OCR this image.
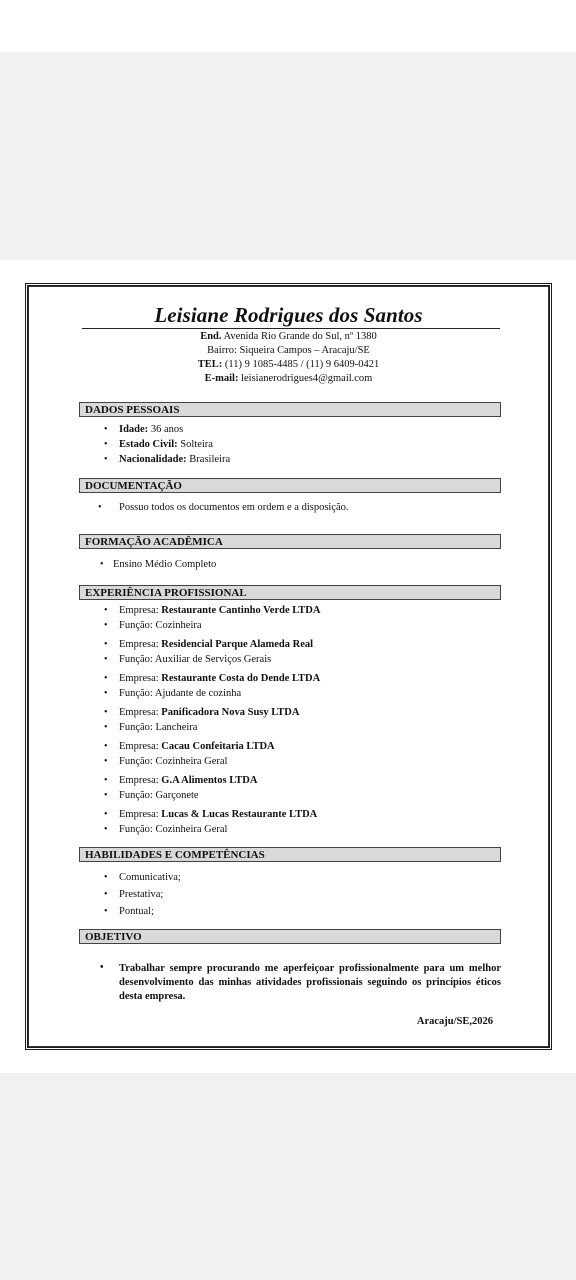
Leisiane Rodrigues dos Santos
End. Avenida Rio Grande do Sul, nº 1380
Bairro: Siqueira Campos – Aracaju/SE
TEL: (11) 9 1085-4485 / (11) 9 6409-0421
E-mail: leisianerodrigues4@gmail.com
DADOS PESSOAIS
• Idade: 36 anos
• Estado Civil: Solteira
• Nacionalidade: Brasileira
DOCUMENTAÇÃO
• Possuo todos os documentos em ordem e a disposição.
FORMAÇÃO ACADÊMICA
• Ensino Médio Completo
EXPERIÊNCIA PROFISSIONAL
• Empresa: Restaurante Cantinho Verde LTDA
• Função: Cozinheira
• Empresa: Residencial Parque Alameda Real
• Função: Auxiliar de Serviços Gerais
• Empresa: Restaurante Costa do Dende LTDA
• Função: Ajudante de cozinha
• Empresa: Panificadora Nova Susy LTDA
• Função: Lancheira
• Empresa: Cacau Confeitaria LTDA
• Função: Cozinheira Geral
• Empresa: G.A Alimentos LTDA
• Função: Garçonete
• Empresa: Lucas & Lucas Restaurante LTDA
• Função: Cozinheira Geral
HABILIDADES E COMPETÊNCIAS
• Comunicativa;
• Prestativa;
• Pontual;
OBJETIVO
• Trabalhar sempre procurando me aperfeiçoar profissionalmente para um melhor desenvolvimento das minhas atividades profissionais seguindo os princípios éticos desta empresa.
Aracaju/SE,2026
